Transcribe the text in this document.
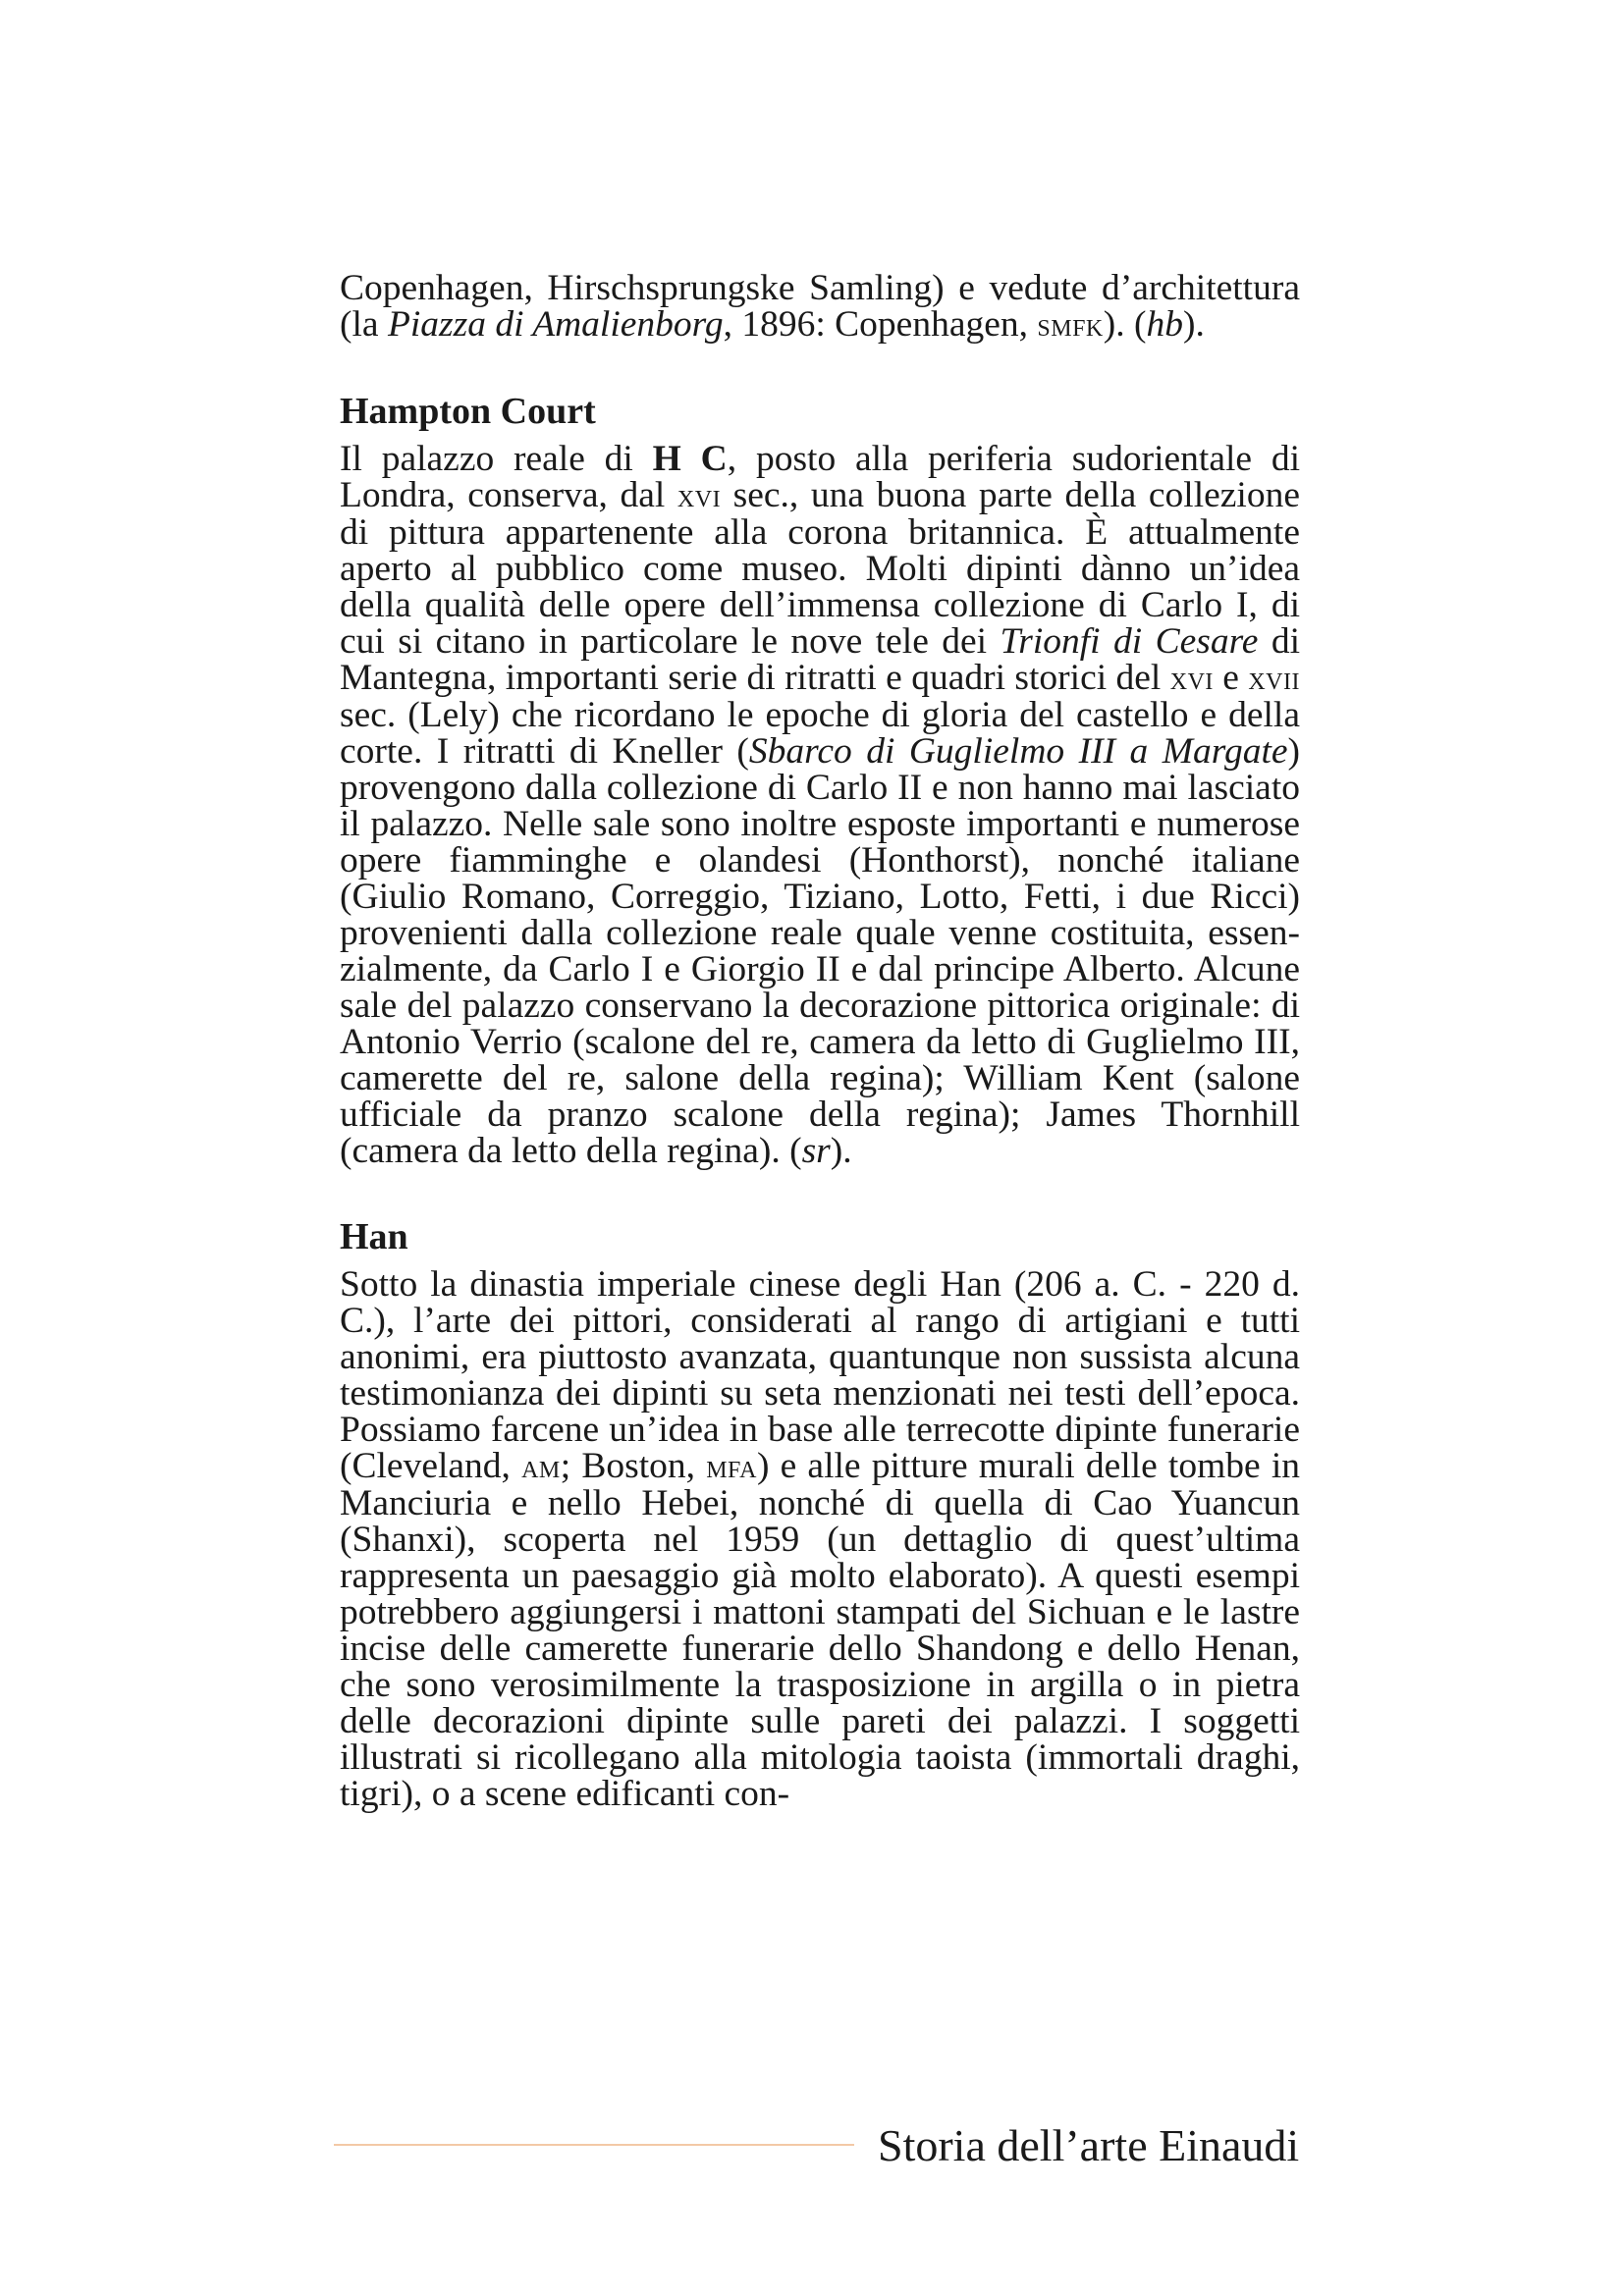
Copenhagen, Hirschsprungske Samling) e vedute d’architettura (la Piazza di Amalienborg, 1896: Copenhagen, smfk). (hb).

Hampton Court

Il palazzo reale di H C, posto alla periferia sudorientale di Londra, conserva, dal xvi sec., una buona parte della collezione di pittura appartenente alla corona britannica. È attualmente aperto al pubblico come museo. Molti dipinti dànno un’idea della qualità delle opere dell’immensa collezione di Carlo I, di cui si citano in particolare le nove tele dei Trionfi di Cesare di Mantegna, importanti serie di ritratti e quadri storici del xvi e xvii sec. (Lely) che ricordano le epoche di gloria del castello e della corte. I ritratti di Kneller (Sbarco di Guglielmo III a Margate) provengono dalla collezione di Carlo II e non hanno mai lasciato il palazzo. Nelle sale sono inoltre esposte importanti e numerose opere fiamminghe e olandesi (Honthorst), nonché italiane (Giulio Romano, Correggio, Tiziano, Lotto, Fetti, i due Ricci) provenienti dalla collezione reale quale venne costituita, essenzialmente, da Carlo I e Giorgio II e dal principe Alberto. Alcune sale del palazzo conservano la decorazione pittorica originale: di Antonio Verrio (scalone del re, camera da letto di Guglielmo III, camerette del re, salone della regina); William Kent (salone ufficiale da pranzo scalone della regina); James Thornhill (camera da letto della regina). (sr).

Han

Sotto la dinastia imperiale cinese degli Han (206 a. C. - 220 d. C.), l’arte dei pittori, considerati al rango di artigiani e tutti anonimi, era piuttosto avanzata, quantunque non sussista alcuna testimonianza dei dipinti su seta menzionati nei testi dell’epoca. Possiamo farcene un’idea in base alle terrecotte dipinte funerarie (Cleveland, am; Boston, mfa) e alle pitture murali delle tombe in Manciuria e nello Hebei, nonché di quella di Cao Yuancun (Shanxi), scoperta nel 1959 (un dettaglio di quest’ultima rappresenta un paesaggio già molto elaborato). A questi esempi potrebbero aggiungersi i mattoni stampati del Sichuan e le lastre incise delle camerette funerarie dello Shandong e dello Henan, che sono verosimilmente la trasposizione in argilla o in pietra delle decorazioni dipinte sulle pareti dei palazzi. I soggetti illustrati si ricollegano alla mitologia taoista (immortali draghi, tigri), o a scene edificanti con-

Storia dell’arte Einaudi
